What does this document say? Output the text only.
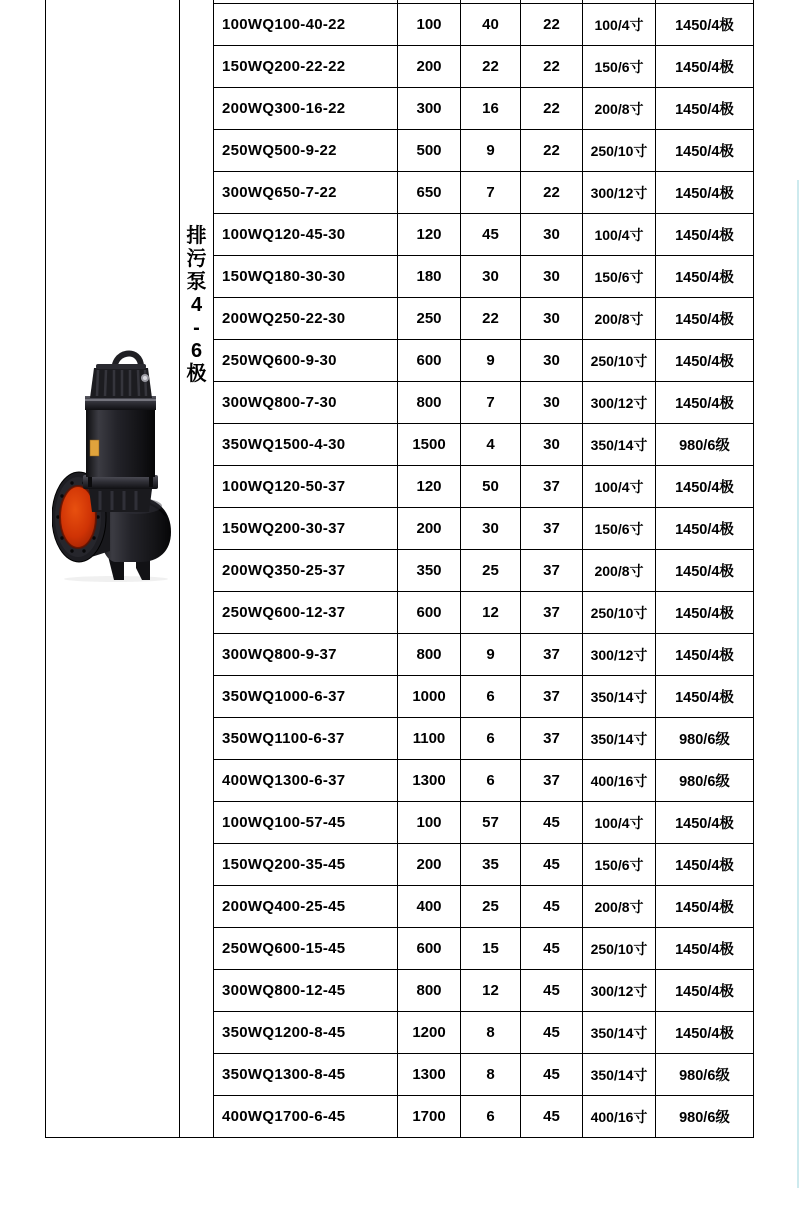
排
污
泵
4
-
6
极

		100WQ100-40-22	100	40	22	100/4寸	1450/4极
		150WQ200-22-22	200	22	22	150/6寸	1450/4极
		200WQ300-16-22	300	16	22	200/8寸	1450/4极
		250WQ500-9-22	500	9	22	250/10寸	1450/4极
		300WQ650-7-22	650	7	22	300/12寸	1450/4极
		100WQ120-45-30	120	45	30	100/4寸	1450/4极
		150WQ180-30-30	180	30	30	150/6寸	1450/4极
		200WQ250-22-30	250	22	30	200/8寸	1450/4极
		250WQ600-9-30	600	9	30	250/10寸	1450/4极
		300WQ800-7-30	800	7	30	300/12寸	1450/4极
		350WQ1500-4-30	1500	4	30	350/14寸	980/6级
		100WQ120-50-37	120	50	37	100/4寸	1450/4极
		150WQ200-30-37	200	30	37	150/6寸	1450/4极
		200WQ350-25-37	350	25	37	200/8寸	1450/4极
		250WQ600-12-37	600	12	37	250/10寸	1450/4极
		300WQ800-9-37	800	9	37	300/12寸	1450/4极
		350WQ1000-6-37	1000	6	37	350/14寸	1450/4极
		350WQ1100-6-37	1100	6	37	350/14寸	980/6级
		400WQ1300-6-37	1300	6	37	400/16寸	980/6级
		100WQ100-57-45	100	57	45	100/4寸	1450/4极
		150WQ200-35-45	200	35	45	150/6寸	1450/4极
		200WQ400-25-45	400	25	45	200/8寸	1450/4极
		250WQ600-15-45	600	15	45	250/10寸	1450/4极
		300WQ800-12-45	800	12	45	300/12寸	1450/4极
		350WQ1200-8-45	1200	8	45	350/14寸	1450/4极
		350WQ1300-8-45	1300	8	45	350/14寸	980/6级
		400WQ1700-6-45	1700	6	45	400/16寸	980/6级
